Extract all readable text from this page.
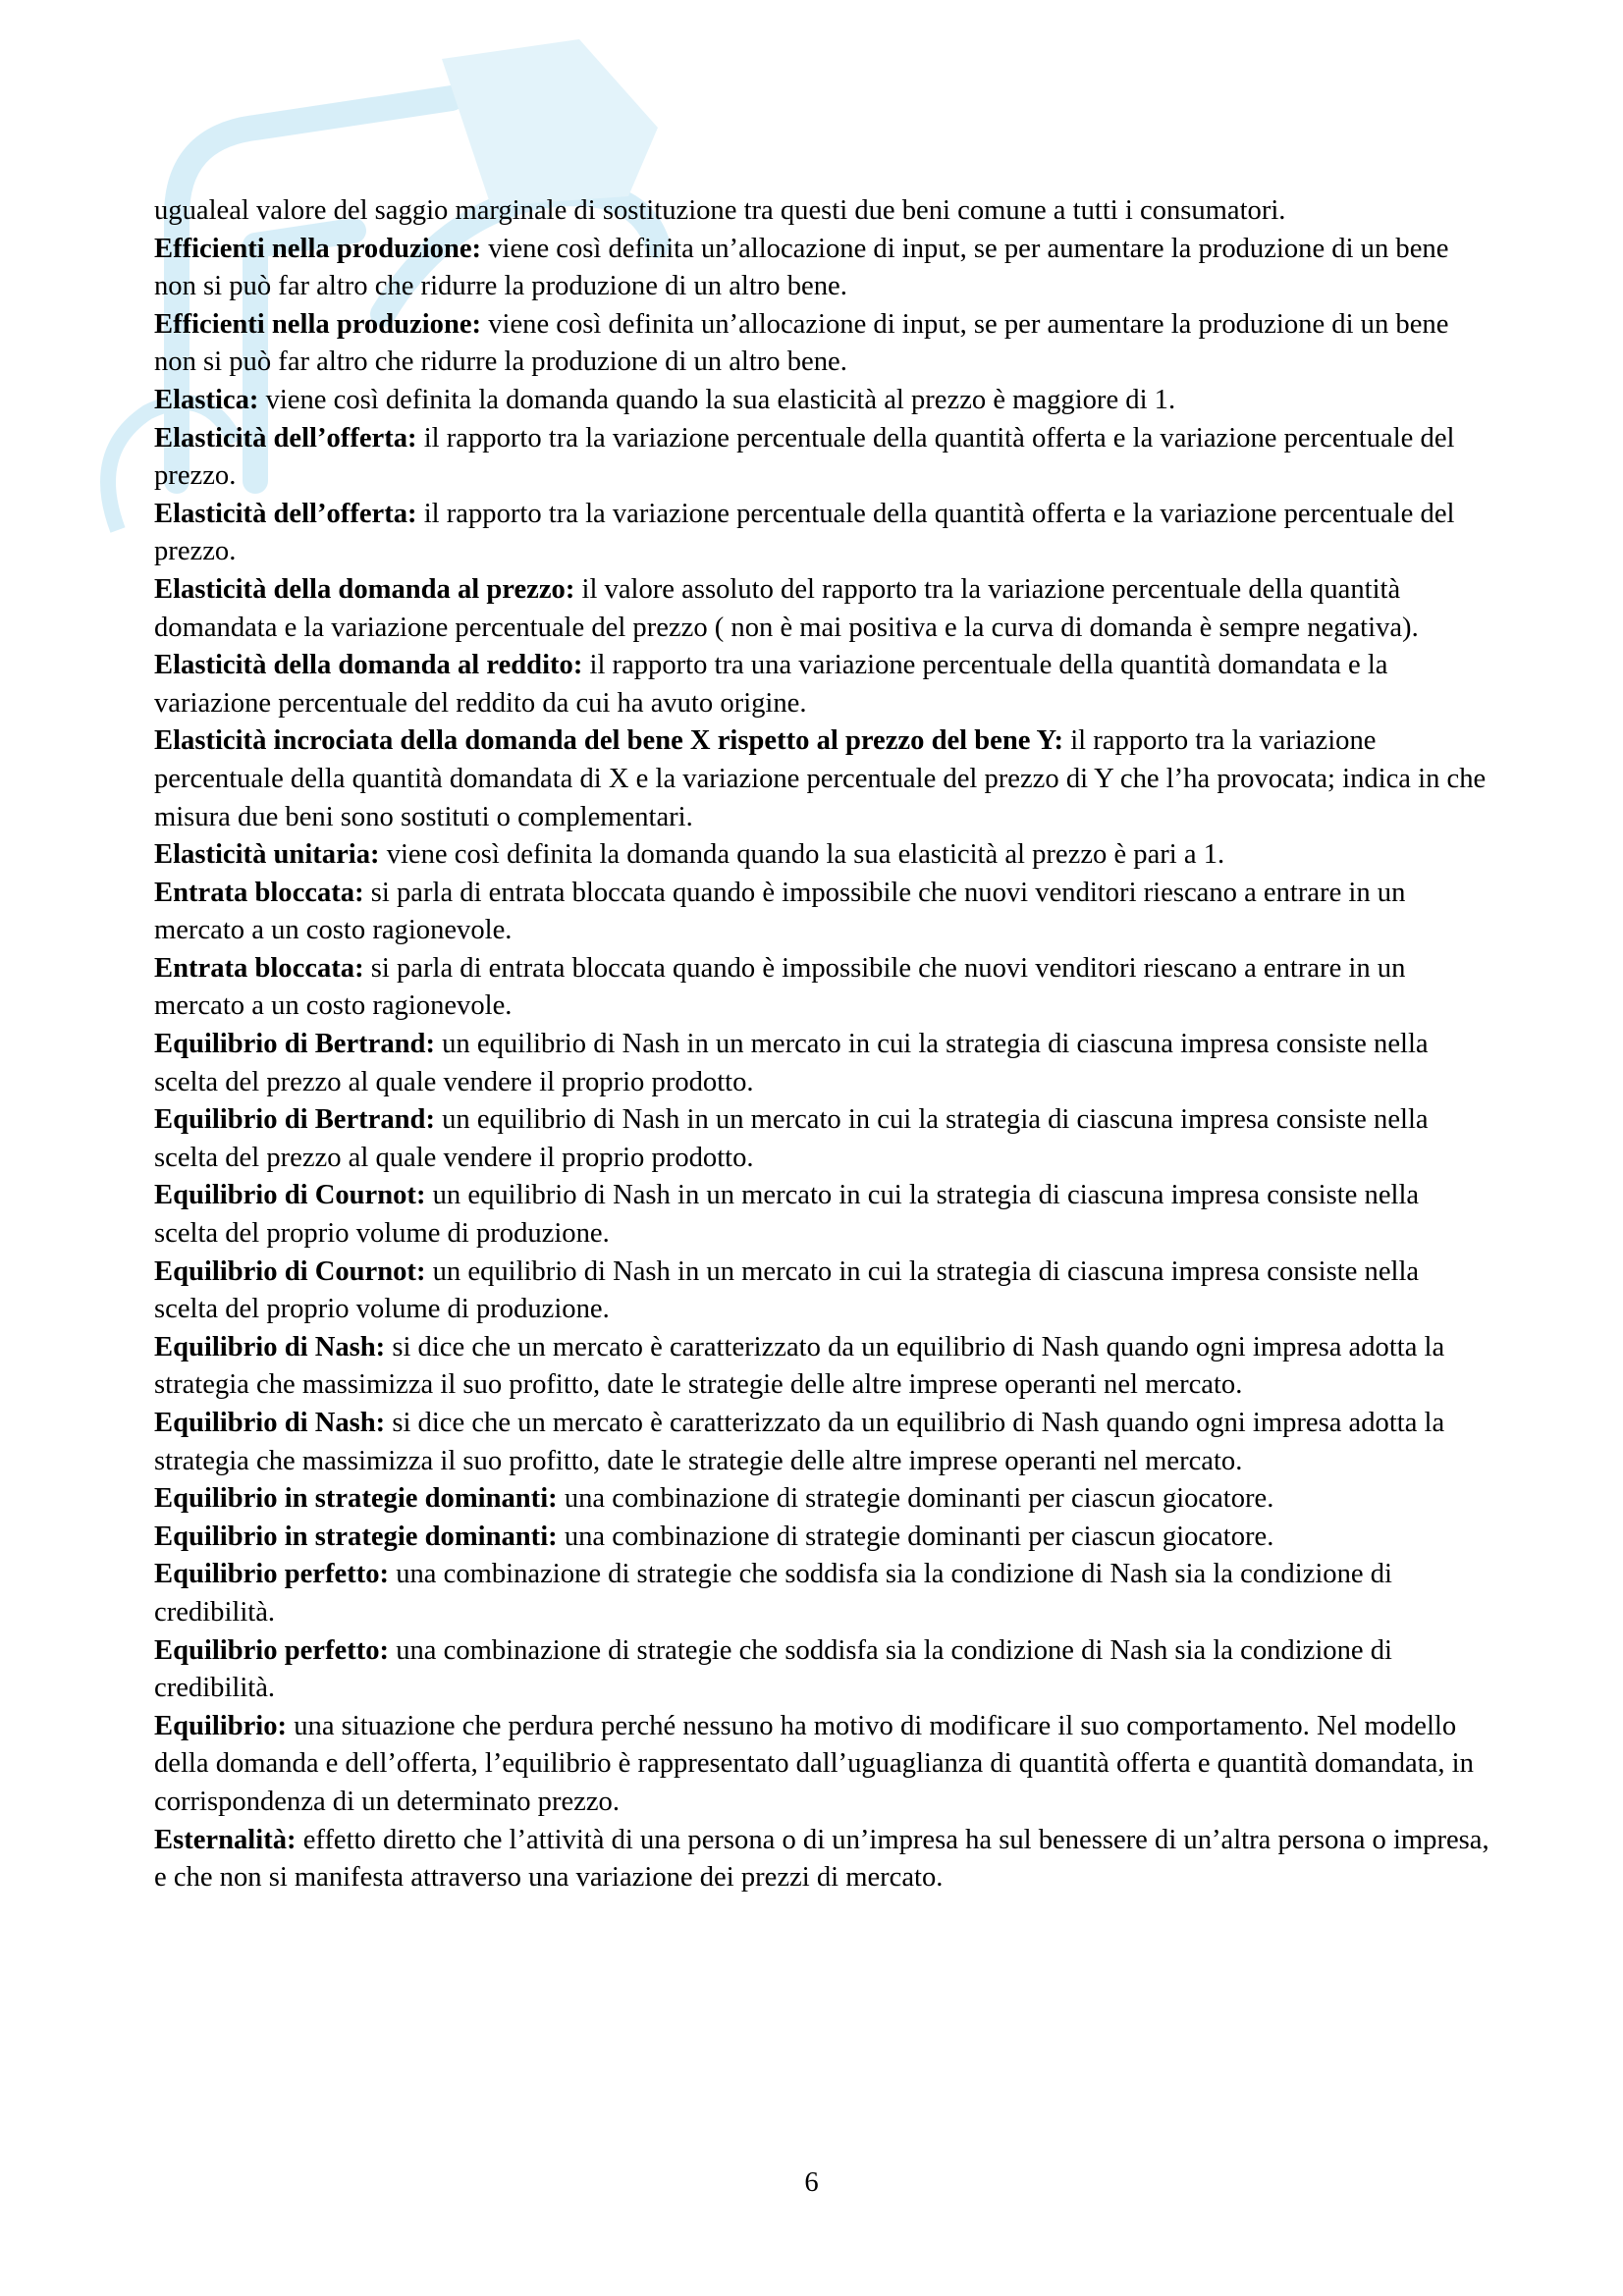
ugualeal valore del saggio marginale di sostituzione tra questi due beni comune a tutti i consumatori.

Efficienti nella produzione: viene così definita un’allocazione di input, se per aumentare la produzione di un bene non si può far altro che ridurre la produzione di un altro bene.

Efficienti nella produzione: viene così definita un’allocazione di input, se per aumentare la produzione di un bene non si può far altro che ridurre la produzione di un altro bene.

Elastica: viene così definita la domanda quando la sua elasticità al prezzo è maggiore di 1.

Elasticità dell’offerta: il rapporto tra la variazione percentuale della quantità offerta e la variazione percentuale del prezzo.

Elasticità dell’offerta: il rapporto tra la variazione percentuale della quantità offerta e la variazione percentuale del prezzo.

Elasticità della domanda al prezzo: il valore assoluto del rapporto tra la variazione percentuale della quantità domandata e la variazione percentuale del prezzo ( non è mai positiva e la curva di domanda è sempre negativa).

Elasticità della domanda al reddito: il rapporto tra una variazione percentuale della quantità domandata e la variazione percentuale del reddito da cui ha avuto origine.

Elasticità incrociata della domanda del bene X rispetto al prezzo del bene Y: il rapporto tra la variazione percentuale della quantità domandata di X e la variazione percentuale del prezzo di Y che l’ha provocata; indica in che misura due beni sono sostituti o complementari.

Elasticità unitaria: viene così definita la domanda quando la sua elasticità al prezzo è pari a 1.

Entrata bloccata: si parla di entrata bloccata quando è impossibile che nuovi venditori riescano a entrare in un mercato a un costo ragionevole.

Entrata bloccata: si parla di entrata bloccata quando è impossibile che nuovi venditori riescano a entrare in un mercato a un costo ragionevole.

Equilibrio di Bertrand: un equilibrio di Nash in un mercato in cui la strategia di ciascuna impresa consiste nella scelta del prezzo al quale vendere il proprio prodotto.

Equilibrio di Bertrand: un equilibrio di Nash in un mercato in cui la strategia di ciascuna impresa consiste nella scelta del prezzo al quale vendere il proprio prodotto.

Equilibrio di Cournot: un equilibrio di Nash in un mercato in cui la strategia di ciascuna impresa consiste nella scelta del proprio volume di produzione.

Equilibrio di Cournot: un equilibrio di Nash in un mercato in cui la strategia di ciascuna impresa consiste nella scelta del proprio volume di produzione.

Equilibrio di Nash: si dice che un mercato è caratterizzato da un equilibrio di Nash quando ogni impresa adotta la strategia che massimizza il suo profitto, date le strategie delle altre imprese operanti nel mercato.

Equilibrio di Nash: si dice che un mercato è caratterizzato da un equilibrio di Nash quando ogni impresa adotta la strategia che massimizza il suo profitto, date le strategie delle altre imprese operanti nel mercato.

Equilibrio in strategie dominanti: una combinazione di strategie dominanti per ciascun giocatore.

Equilibrio in strategie dominanti: una combinazione di strategie dominanti per ciascun giocatore.

Equilibrio perfetto: una combinazione di strategie che soddisfa sia la condizione di Nash sia la condizione di credibilità.

Equilibrio perfetto: una combinazione di strategie che soddisfa sia la condizione di Nash sia la condizione di credibilità.

Equilibrio: una situazione che perdura perché nessuno ha motivo di modificare il suo comportamento. Nel modello della domanda e dell’offerta, l’equilibrio è rappresentato dall’uguaglianza di quantità offerta e quantità domandata, in corrispondenza di un determinato prezzo.

Esternalità: effetto diretto che l’attività di una persona o di un’impresa ha sul benessere di un’altra persona o impresa, e che non si manifesta attraverso una variazione dei prezzi di mercato.

6
